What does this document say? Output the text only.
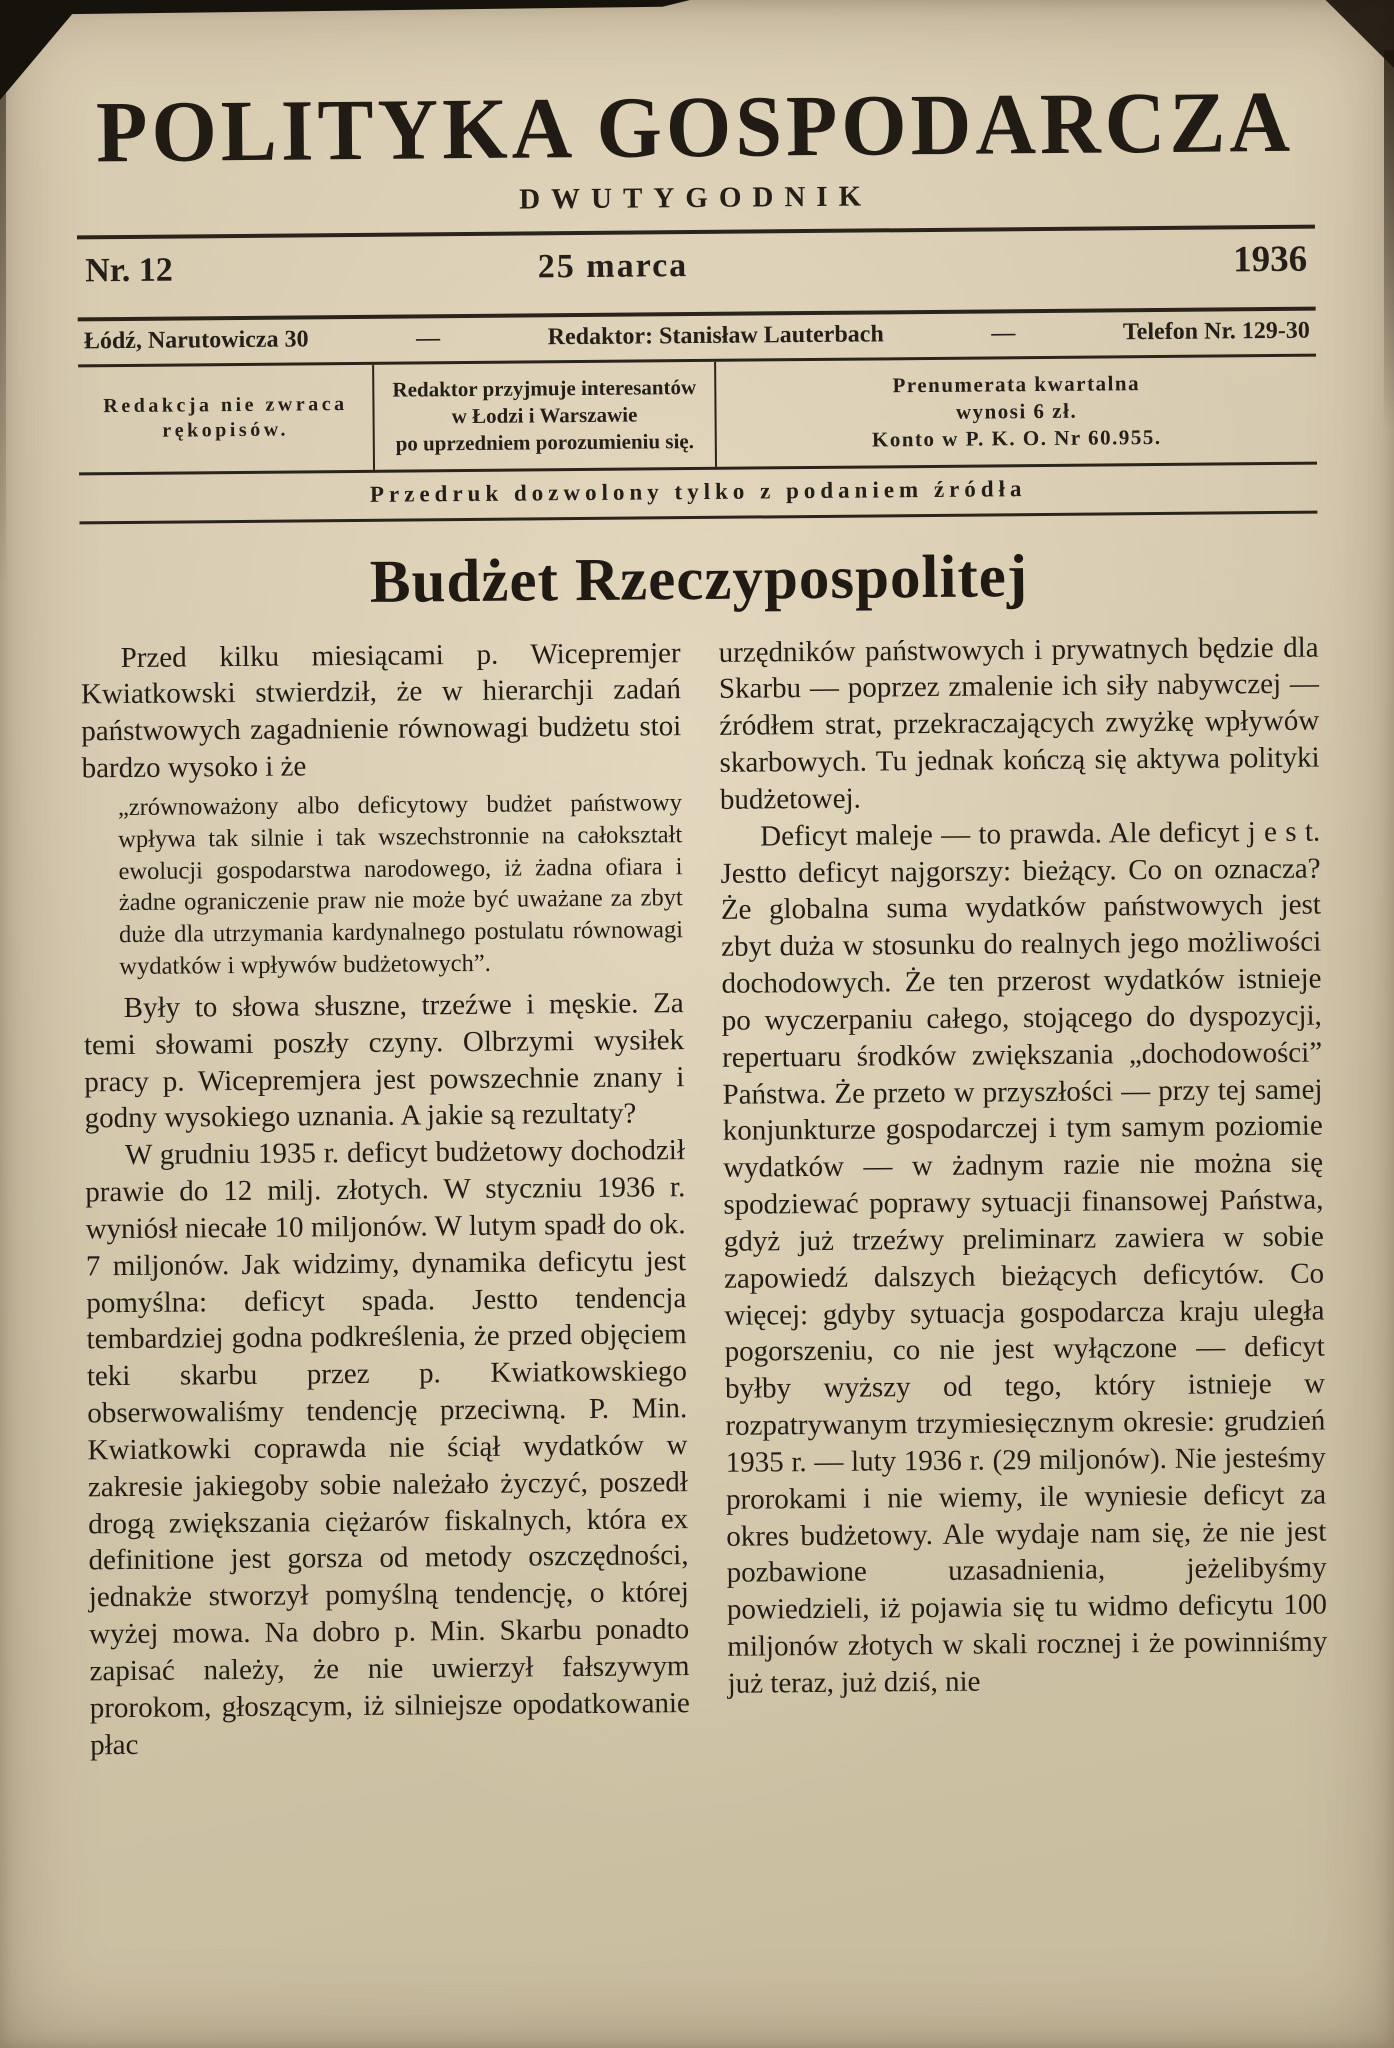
POLITYKA GOSPODARCZA
DWUTYGODNIK
Nr. 12	25 marca	1936
Łódź, Narutowicza 30	—	Redaktor: Stanisław Lauterbach	—	Telefon Nr. 129-30
Redakcja nie zwraca
rękopisów.
Redaktor przyjmuje interesantów
w Łodzi i Warszawie
po uprzedniem porozumieniu się.
Prenumerata kwartalna
wynosi 6 zł.
Konto w P. K. O. Nr 60.955.
Przedruk dozwolony tylko z podaniem źródła
Budżet Rzeczypospolitej

Przed kilku miesiącami p. Wicepremjer Kwiatkowski stwierdził, że w hierarchji zadań państwowych zagadnienie równowagi budżetu stoi bardzo wysoko i że

„zrównoważony albo deficytowy budżet państwowy wpływa tak silnie i tak wszechstronnie na całokształt ewolucji gospodarstwa narodowego, iż żadna ofiara i żadne ograniczenie praw nie może być uważane za zbyt duże dla utrzymania kardynalnego postulatu równowagi wydatków i wpływów budżetowych”.

Były to słowa słuszne, trzeźwe i męskie. Za temi słowami poszły czyny. Olbrzymi wysiłek pracy p. Wicepremjera jest powszechnie znany i godny wysokiego uznania. A jakie są rezultaty?

W grudniu 1935 r. deficyt budżetowy dochodził prawie do 12 milj. złotych. W styczniu 1936 r. wyniósł niecałe 10 miljonów. W lutym spadł do ok. 7 miljonów. Jak widzimy, dynamika deficytu jest pomyślna: deficyt spada. Jestto tendencja tembardziej godna podkreślenia, że przed objęciem teki skarbu przez p. Kwiatkowskiego obserwowaliśmy tendencję przeciwną. P. Min. Kwiatkowki coprawda nie ściął wydatków w zakresie jakiegoby sobie należało życzyć, poszedł drogą zwiększania ciężarów fiskalnych, która ex definitione jest gorsza od metody oszczędności, jednakże stworzył pomyślną tendencję, o której wyżej mowa. Na dobro p. Min. Skarbu ponadto zapisać należy, że nie uwierzył fałszywym prorokom, głoszącym, iż silniejsze opodatkowanie płac

urzędników państwowych i prywatnych będzie dla Skarbu — poprzez zmalenie ich siły nabywczej — źródłem strat, przekraczających zwyżkę wpływów skarbowych. Tu jednak kończą się aktywa polityki budżetowej.

Deficyt maleje — to prawda. Ale deficyt j e s t. Jestto deficyt najgorszy: bieżący. Co on oznacza? Że globalna suma wydatków państwowych jest zbyt duża w stosunku do realnych jego możliwości dochodowych. Że ten przerost wydatków istnieje po wyczerpaniu całego, stojącego do dyspozycji, repertuaru środków zwiększania „dochodowości” Państwa. Że przeto w przyszłości — przy tej samej konjunkturze gospodarczej i tym samym poziomie wydatków — w żadnym razie nie można się spodziewać poprawy sytuacji finansowej Państwa, gdyż już trzeźwy preliminarz zawiera w sobie zapowiedź dalszych bieżących deficytów. Co więcej: gdyby sytuacja gospodarcza kraju uległa pogorszeniu, co nie jest wyłączone — deficyt byłby wyższy od tego, który istnieje w rozpatrywanym trzymiesięcznym okresie: grudzień 1935 r. — luty 1936 r. (29 miljonów). Nie jesteśmy prorokami i nie wiemy, ile wyniesie deficyt za okres budżetowy. Ale wydaje nam się, że nie jest pozbawione uzasadnienia, jeżelibyśmy powiedzieli, iż pojawia się tu widmo deficytu 100 miljonów złotych w skali rocznej i że powinniśmy już teraz, już dziś, nie
